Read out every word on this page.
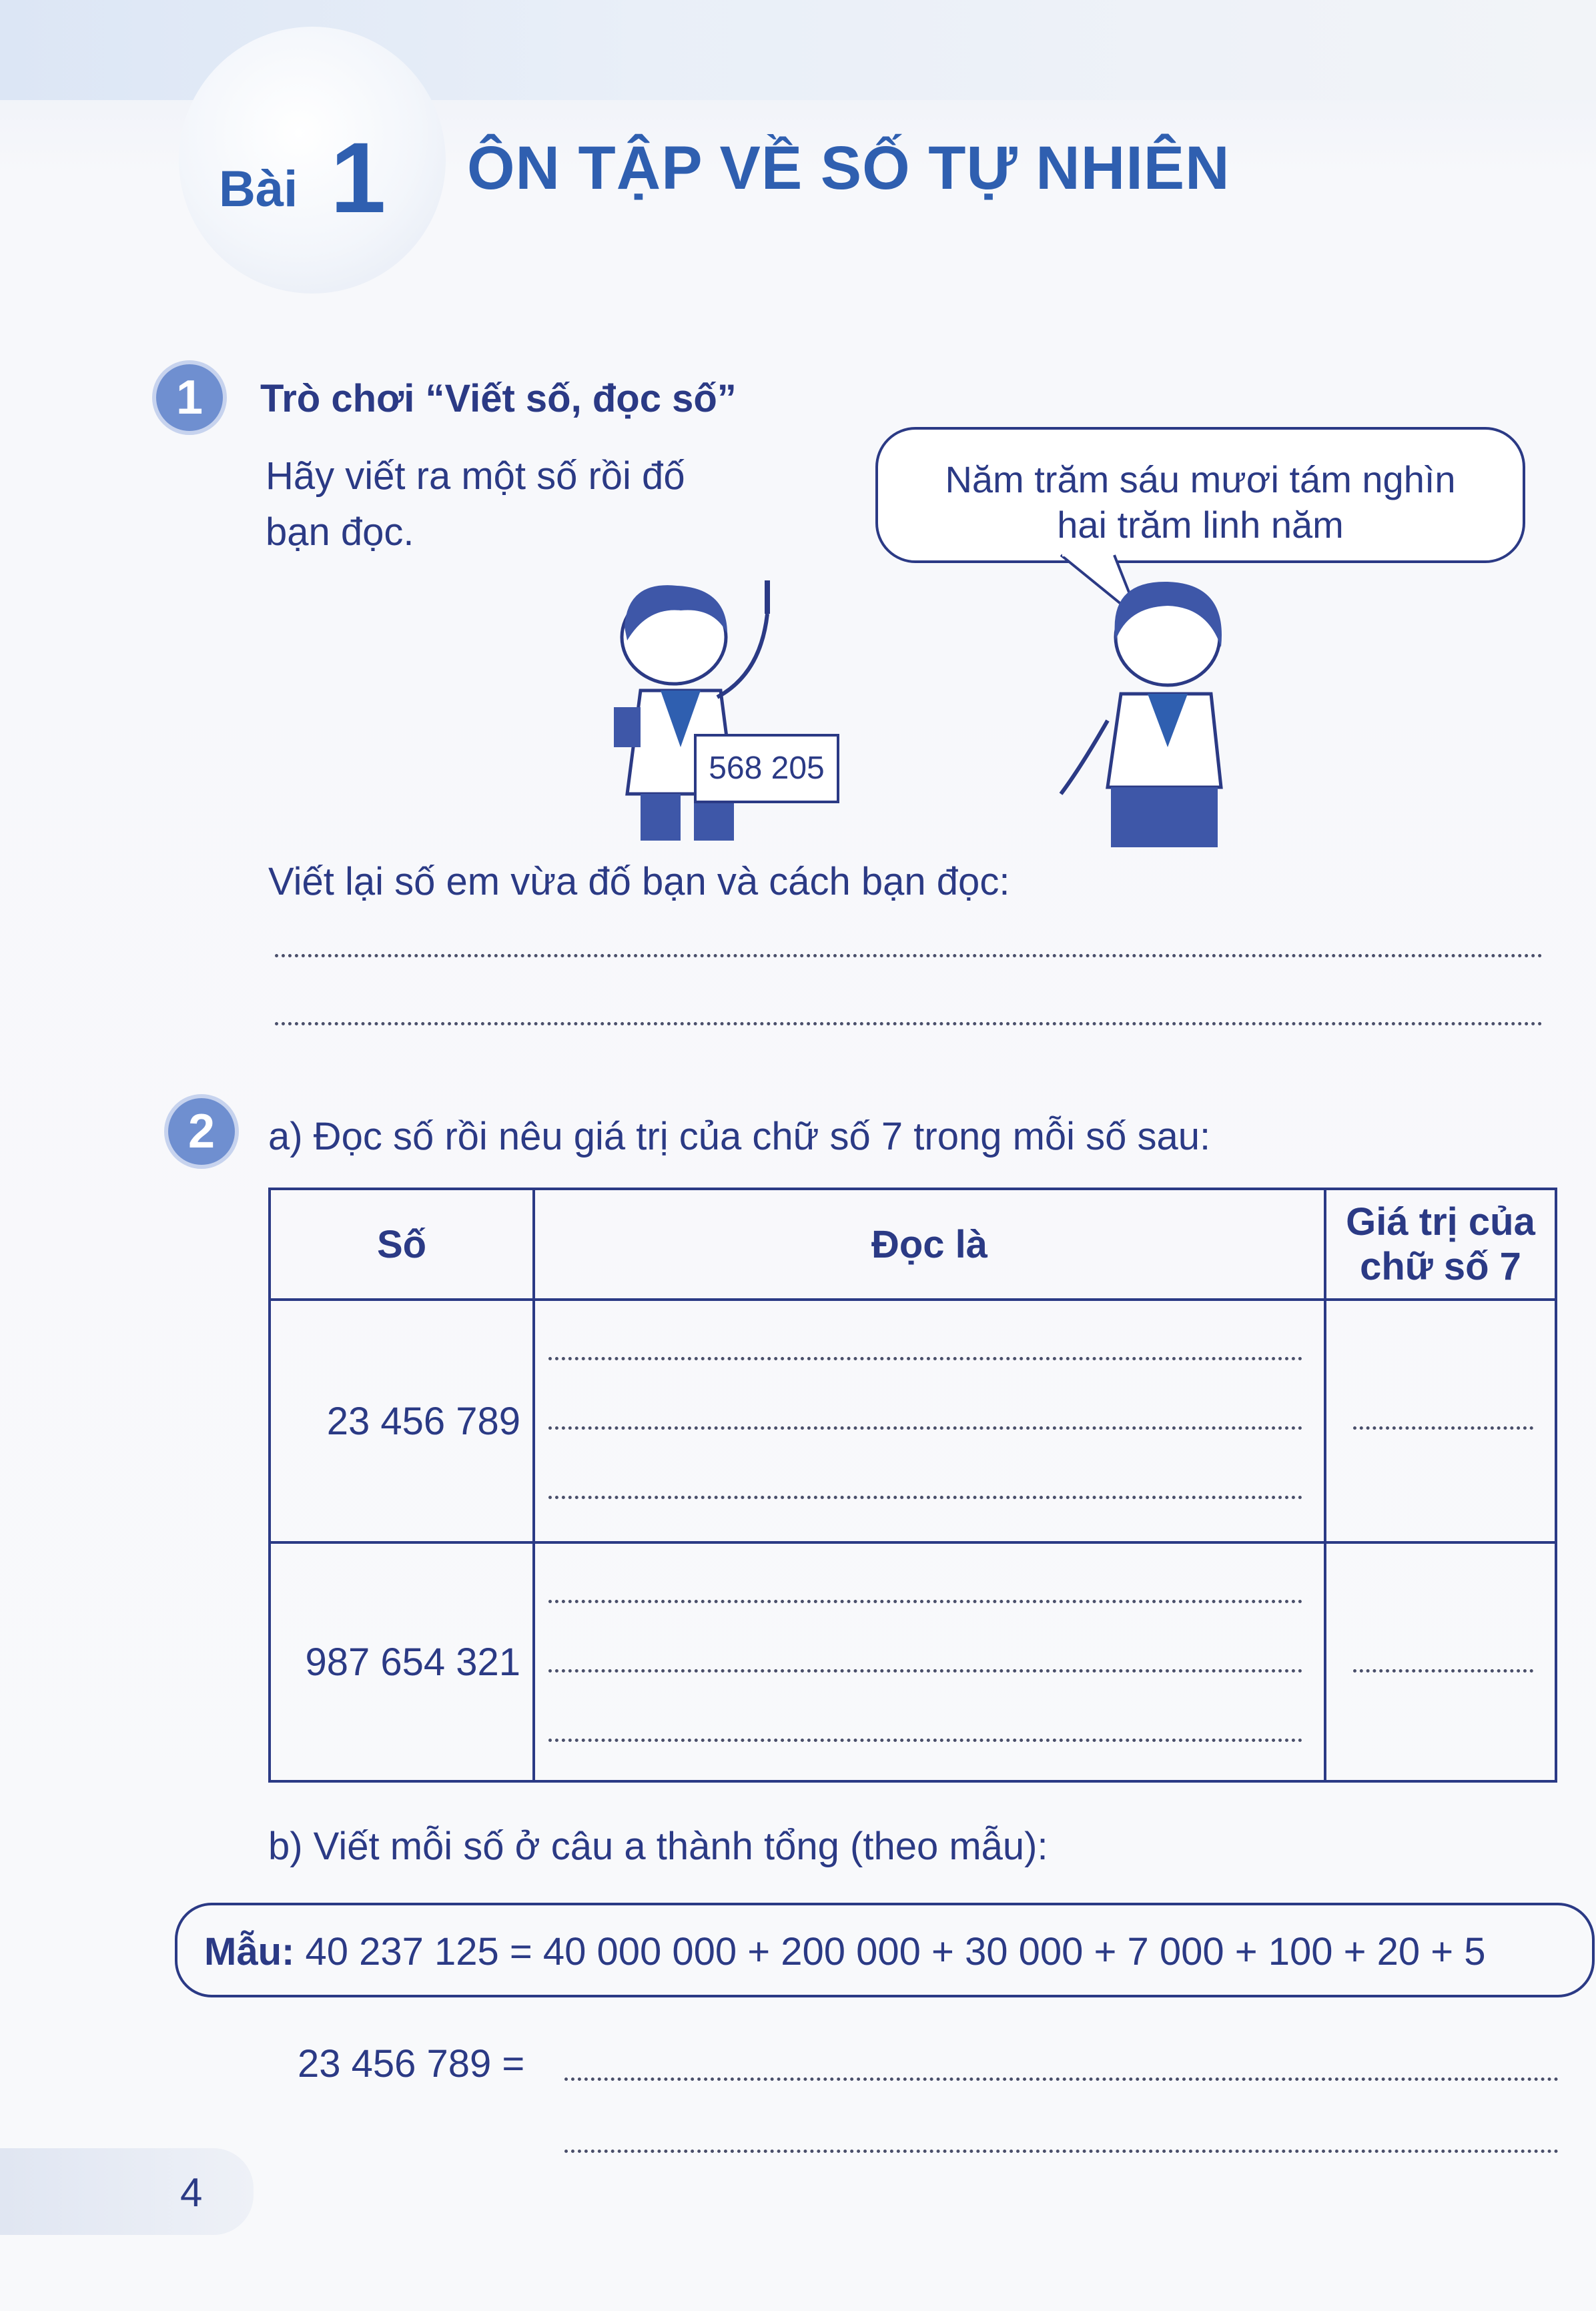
Bài 1 ÔN TẬP VỀ SỐ TỰ NHIÊN
1	Trò chơi “Viết số, đọc số”
Hãy viết ra một số rồi đố
bạn đọc.
Năm trăm sáu mươi tám nghìn
hai trăm linh năm
568 205
Viết lại số em vừa đố bạn và cách bạn đọc:
2	a) Đọc số rồi nêu giá trị của chữ số 7 trong mỗi số sau:
Số	Đọc là	Giá trị của
chữ số 7

23 456 789	

987 654 321	

b) Viết mỗi số ở câu a thành tổng (theo mẫu):
Mẫu: 40 237 125 = 40 000 000 + 200 000 + 30 000 + 7 000 + 100 + 20 + 5
23 456 789 =
4
